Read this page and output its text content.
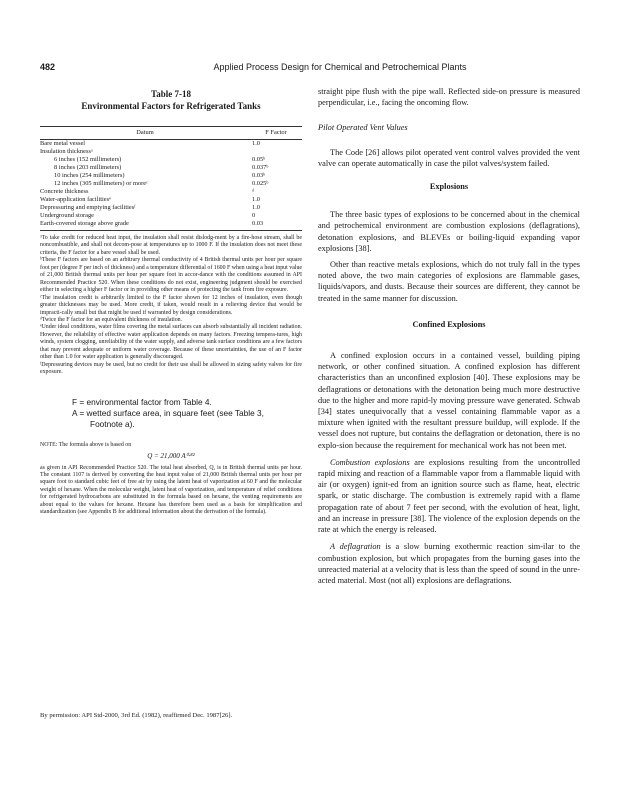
482	Applied Process Design for Chemical and Petrochemical Plants
Table 7-18
Environmental Factors for Refrigerated Tanks
Datum	F Factor
Bare metal vessel	1.0
Insulation thicknessᵃ	
6 inches (152 millimeters)	0.05ᵇ
8 inches (203 millimeters)	0.037ᵇ
10 inches (254 millimeters)	0.03ᵇ
12 inches (305 millimeters) or moreᶜ	0.025ᵇ
Concrete thickness	ᵈ
Water-application facilitiesᵉ	1.0
Depressuring and emptying facilitiesᶠ	1.0
Underground storage	0
Earth-covered storage above grade	0.03

ᵃTo take credit for reduced heat input, the insulation shall resist dislodg-ment by a fire-hose stream, shall be noncombustible, and shall not decom-pose at temperatures up to 1000 F. If the insulation does not meet these criteria, the F factor for a bare vessel shall be used.

ᵇThese F factors are based on an arbitrary thermal conductivity of 4 British thermal units per hour per square foot per (degree F per inch of thickness) and a temperature differential of 1600 F when using a heat input value of 21,000 British thermal units per hour per square foot in accor-dance with the conditions assumed in API Recommended Practice 520. When these conditions do not exist, engineering judgment should be exercised either in selecting a higher F factor or in providing other means of protecting the tank from fire exposure.

ᶜThe insulation credit is arbitrarily limited to the F factor shown for 12 inches of insulation, even though greater thicknesses may be used. More credit, if taken, would result in a relieving device that would be impracti-cally small but that might be used if warranted by design considerations.

ᵈTwice the F factor for an equivalent thickness of insulation.

ᵉUnder ideal conditions, water films covering the metal surfaces can absorb substantially all incident radiation. However, the reliability of effective water application depends on many factors. Freezing tempera-tures, high winds, system clogging, unreliability of the water supply, and adverse tank surface conditions are a few factors that may prevent adequate or uniform water coverage. Because of these uncertainties, the use of an F factor other than 1.0 for water application is generally discouraged.

ᶠDepressuring devices may be used, but no credit for their use shall be allowed in sizing safety valves for fire exposure.

F = environmental factor from Table 4.

A = wetted surface area, in square feet (see Table 3,

Footnote a).

NOTE: The formula above is based on

Q = 21,000 A⁰·⁸²

as given in API Recommended Practice 520. The total heat absorbed, Q, is in British thermal units per hour. The constant 1107 is derived by converting the heat input value of 21,000 British thermal units per hour per square foot to standard cubic feet of free air by using the latent heat of vaporization at 60 F and the molecular weight of hexane. When the molecular weight, latent heat of vaporization, and temperature of relief conditions for refrigerated hydrocarbons are substituted in the formula based on hexane, the venting requirements are about equal to the values for hexane. Hexane has therefore been used as a basis for simplification and standardization (see Appendix B for additional information about the derivation of the formula).

By permission: API Std-2000, 3rd Ed. (1982), reaffirmed Dec. 1987[26].

straight pipe flush with the pipe wall. Reflected side-on pressure is measured perpendicular, i.e., facing the oncoming flow.

Pilot Operated Vent Values

The Code [26] allows pilot operated vent control valves provided the vent valve can operate automatically in case the pilot valves/system failed.

Explosions

The three basic types of explosions to be concerned about in the chemical and petrochemical environment are combustion explosions (deflagrations), detonation explosions, and BLEVEs or boiling-liquid expanding vapor explosions [38].

Other than reactive metals explosions, which do not truly fall in the types noted above, the two main categories of explosions are flammable gases, liquids/vapors, and dusts. Because their sources are different, they cannot be treated in the same manner for discussion.

Confined Explosions

A confined explosion occurs in a contained vessel, building piping network, or other confined situation. A confined explosion has different characteristics than an unconfined explosion [40]. These explosions may be deflagrations or detonations with the detonation being much more destructive due to the higher and more rapid-ly moving pressure wave generated. Schwab [34] states unequivocally that a vessel containing flammable vapor as a mixture when ignited with the resultant pressure buildup, will explode. If the vessel does not rupture, but contains the deflagration or detonation, there is no explo-sion because the requirement for mechanical work has not been met.

Combustion explosions are explosions resulting from the uncontrolled rapid mixing and reaction of a flammable vapor from a flammable liquid with air (or oxygen) ignit-ed from an ignition source such as flame, heat, electric spark, or static discharge. The combustion is extremely rapid with a flame propagation rate of about 7 feet per second, with the evolution of heat, light, and an increase in pressure [38]. The violence of the explosion depends on the rate at which the energy is released.

A deflagration is a slow burning exothermic reaction sim-ilar to the combustion explosion, but which propagates from the burning gases into the unreacted material at a velocity that is less than the speed of sound in the unre-acted material. Most (not all) explosions are deflagrations.
